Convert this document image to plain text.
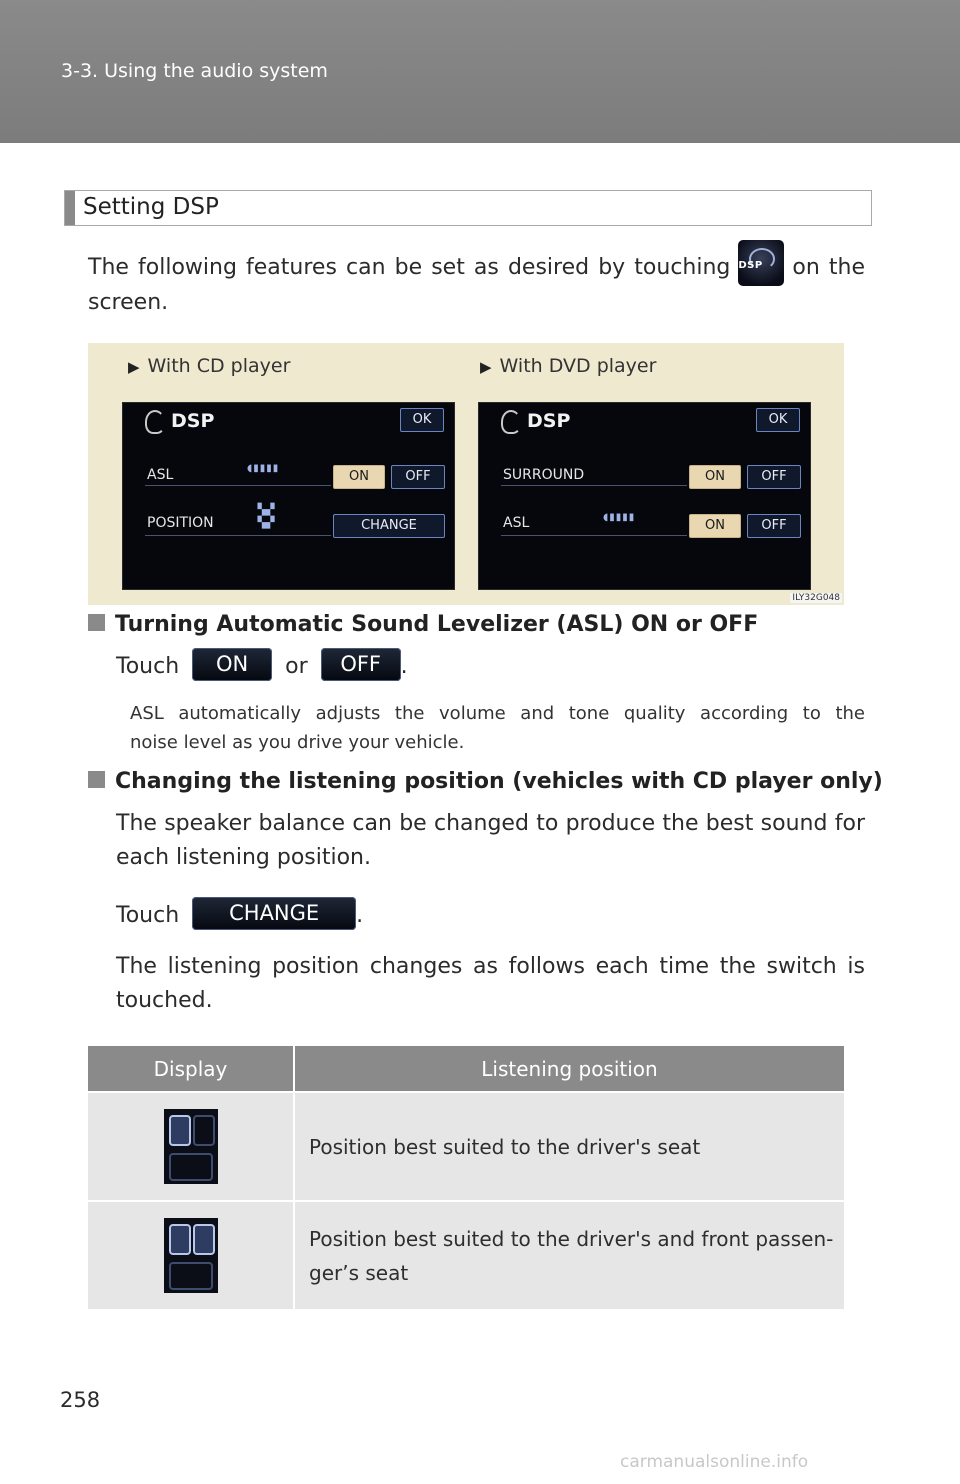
3-3. Using the audio system
Setting DSP
The following features can be set as desired by touching DSP	on the
screen.
▶ With CD player	▶ With DVD player
DSP	OK
ASL	◖▮▮▮▮
ON	OFF
POSITION
▚▞
▚▞	CHANGE
DSP	OK
SURROUND	ON	OFF
ASL	◖▮▮▮▮
ON	OFF
ILY32G048
Turning Automatic Sound Levelizer (ASL) ON or OFF
Touch ON or OFF .
ASL automatically adjusts the volume and tone quality according to the
noise level as you drive your vehicle.
Changing the listening position (vehicles with CD player only)
The speaker balance can be changed to produce the best sound for
each listening position.
Touch CHANGE .
The listening position changes as follows each time the switch is
touched.
Display	Listening position

	Position best suited to the driver's seat

	Position best suited to the driver's and front passen-
ger’s seat
258
carmanualsonline.info
